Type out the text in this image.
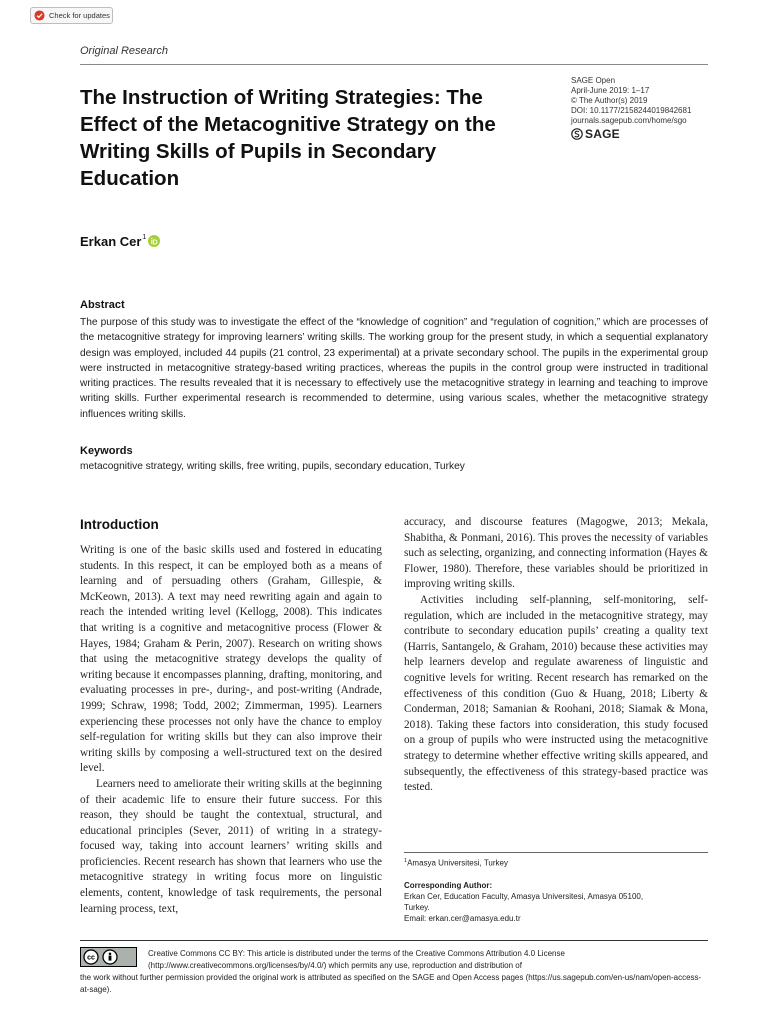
Check for updates
Original Research
The Instruction of Writing Strategies: The Effect of the Metacognitive Strategy on the Writing Skills of Pupils in Secondary Education
SAGE Open
April-June 2019: 1–17
© The Author(s) 2019
DOI: 10.1177/2158244019842681
journals.sagepub.com/home/sgo
SAGE
Erkan Cer$^1$
Abstract

The purpose of this study was to investigate the effect of the “knowledge of cognition” and “regulation of cognition,” which are processes of the metacognitive strategy for improving learners’ writing skills. The working group for the present study, in which a sequential explanatory design was employed, included 44 pupils (21 control, 23 experimental) at a private secondary school. The pupils in the experimental group were instructed in metacognitive strategy-based writing practices, whereas the pupils in the control group were instructed in traditional writing practices. The results revealed that it is necessary to effectively use the metacognitive strategy in learning and teaching to improve writing skills. Further experimental research is recommended to determine, using various scales, whether the metacognitive strategy influences writing skills.

Keywords

metacognitive strategy, writing skills, free writing, pupils, secondary education, Turkey

Introduction

Writing is one of the basic skills used and fostered in educating students. In this respect, it can be employed both as a means of learning and of persuading others (Graham, Gillespie, & McKeown, 2013). A text may need rewriting again and again to reach the intended writing level (Kellogg, 2008). This indicates that writing is a cognitive and metacognitive process (Flower & Hayes, 1984; Graham & Perin, 2007). Research on writing shows that using the metacognitive strategy develops the quality of writing because it encompasses planning, drafting, monitoring, and evaluating processes in pre-, during-, and post-writing (Andrade, 1999; Schraw, 1998; Todd, 2002; Zimmerman, 1995). Learners experiencing these processes not only have the chance to employ self-regulation for writing skills but they can also improve their writing skills by composing a well-structured text on the desired level.

Learners need to ameliorate their writing skills at the beginning of their academic life to ensure their future success. For this reason, they should be taught the contextual, structural, and educational principles (Sever, 2011) of writing in a strategy-focused way, taking into account learners’ writing skills and proficiencies. Recent research has shown that learners who use the metacognitive strategy in writing focus more on linguistic elements, content, knowledge of task requirements, the personal learning process, text,

accuracy, and discourse features (Magogwe, 2013; Mekala, Shabitha, & Ponmani, 2016). This proves the necessity of variables such as selecting, organizing, and connecting information (Hayes & Flower, 1980). Therefore, these variables should be prioritized in improving writing skills.

Activities including self-planning, self-monitoring, self-regulation, which are included in the metacognitive strategy, may contribute to secondary education pupils’ creating a quality text (Harris, Santangelo, & Graham, 2010) because these activities may help learners develop and regulate awareness of linguistic and cognitive levels for writing. Recent research has remarked on the effectiveness of this condition (Guo & Huang, 2018; Liberty & Conderman, 2018; Samanian & Roohani, 2018; Siamak & Mona, 2018). Taking these factors into consideration, this study focused on a group of pupils who were instructed using the metacognitive strategy to determine whether effective writing skills appeared, and subsequently, the effectiveness of this strategy-based practice was tested.

$^1$Amasya Universitesi, Turkey
Corresponding Author:
Erkan Cer, Education Faculty, Amasya Universitesi, Amasya 05100,
Turkey.
Email: erkan.cer@amasya.edu.tr
cc
Creative Commons CC BY: This article is distributed under the terms of the Creative Commons Attribution 4.0 License (http://www.creativecommons.org/licenses/by/4.0/) which permits any use, reproduction and distribution of
the work without further permission provided the original work is attributed as specified on the SAGE and Open Access pages (https://us.sagepub.com/en-us/nam/open-access-at-sage).
